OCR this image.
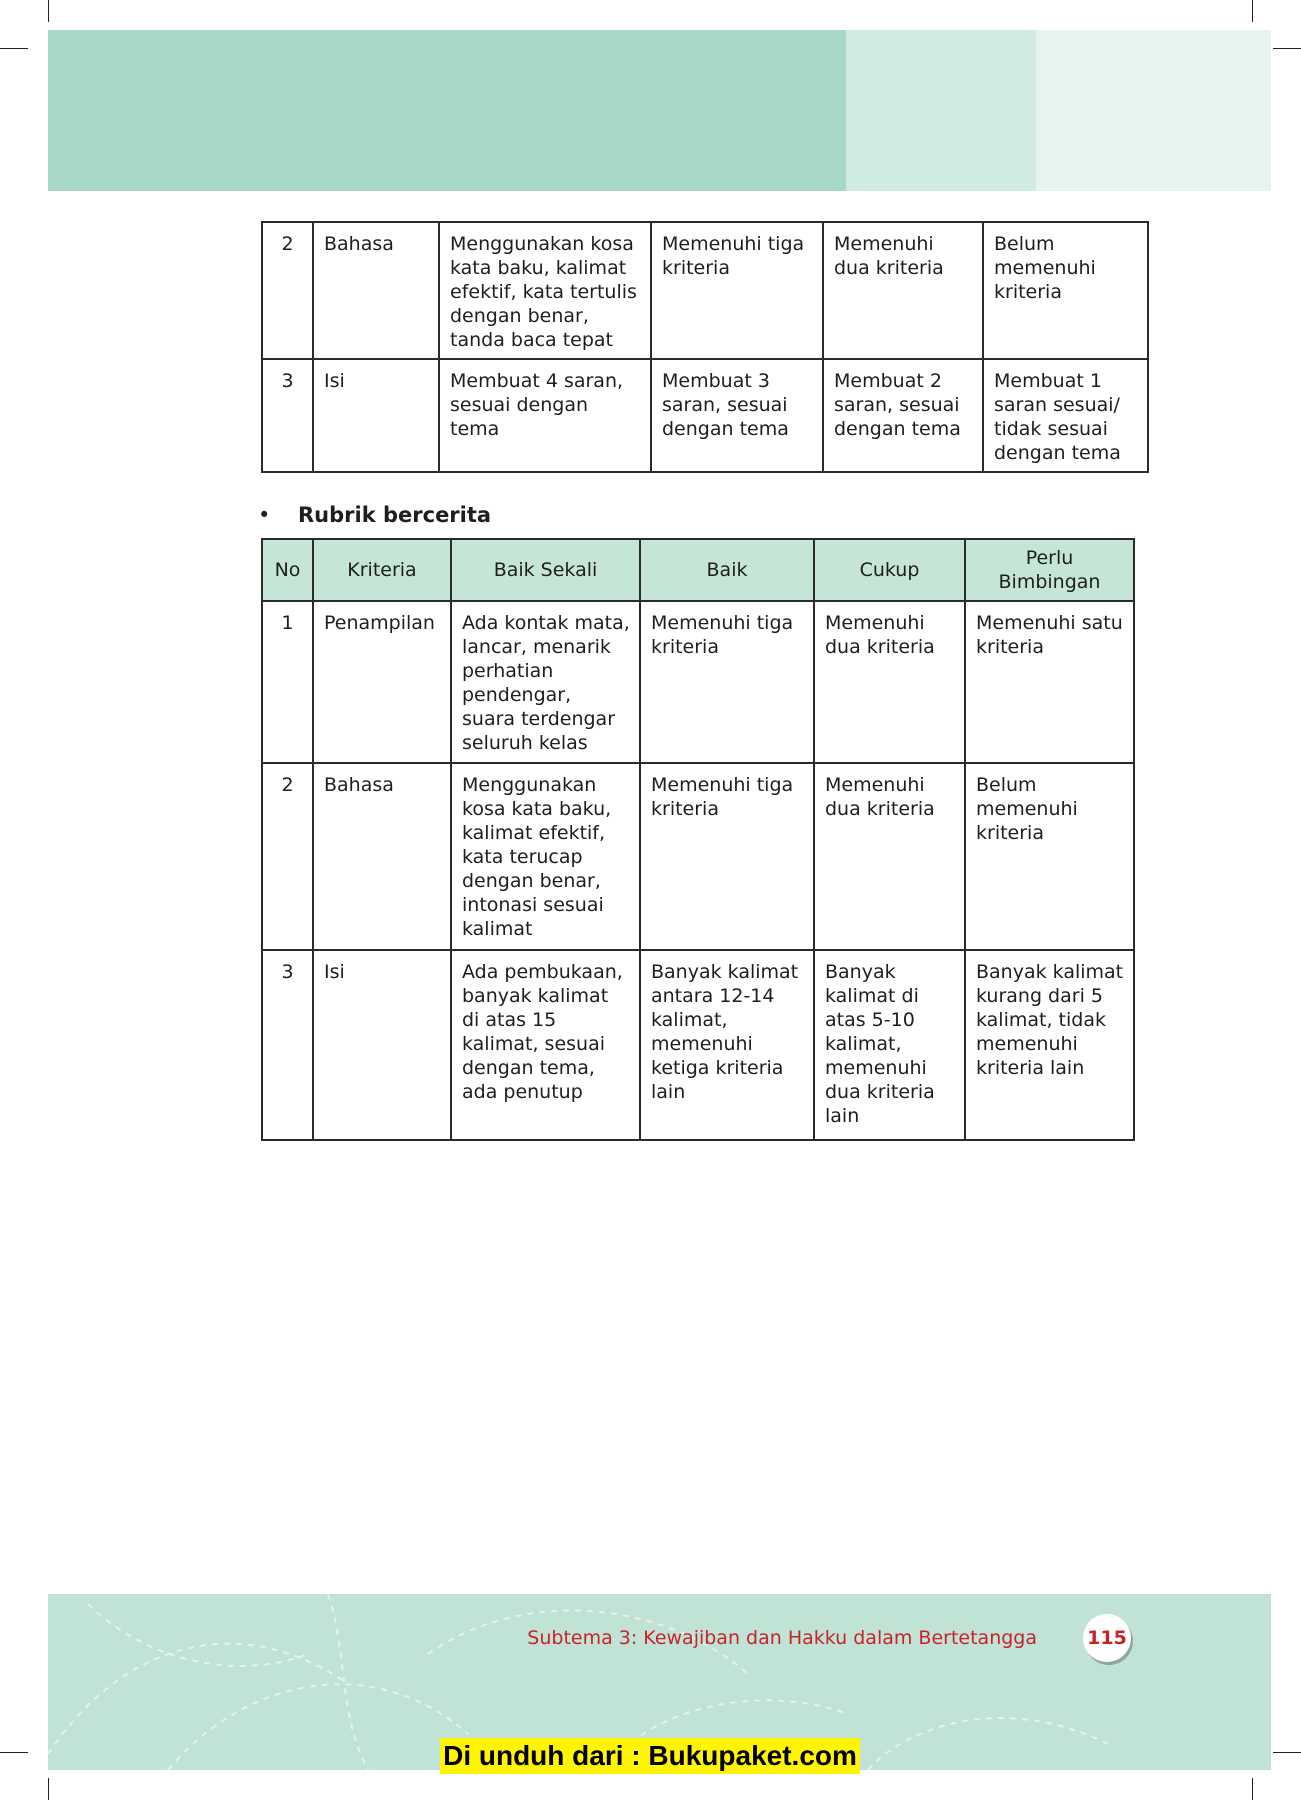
2	Bahasa	Menggunakan kosa kata baku, kalimat efektif, kata tertulis dengan benar, tanda baca tepat	Memenuhi tiga kriteria	Memenuhi dua kriteria	Belum memenuhi kriteria
3	Isi	Membuat 4 saran, sesuai dengan tema	Membuat 3 saran, sesuai dengan tema	Membuat 2 saran, sesuai dengan tema	Membuat 1 saran sesuai/ tidak sesuai dengan tema
• Rubrik bercerita
No	Kriteria	Baik Sekali	Baik	Cukup	Perlu Bimbingan
1	Penampilan	Ada kontak mata, lancar, menarik perhatian pendengar, suara terdengar seluruh kelas	Memenuhi tiga kriteria	Memenuhi dua kriteria	Memenuhi satu kriteria
2	Bahasa	Menggunakan kosa kata baku, kalimat efektif, kata terucap dengan benar, intonasi sesuai kalimat	Memenuhi tiga kriteria	Memenuhi dua kriteria	Belum memenuhi kriteria
3	Isi	Ada pembukaan, banyak kalimat di atas 15 kalimat, sesuai dengan tema, ada penutup	Banyak kalimat antara 12-14 kalimat, memenuhi ketiga kriteria lain	Banyak kalimat di atas 5-10 kalimat, memenuhi dua kriteria lain	Banyak kalimat kurang dari 5 kalimat, tidak memenuhi kriteria lain
Subtema 3: Kewajiban dan Hakku dalam Bertetangga	115
Di unduh dari : Bukupaket.com
